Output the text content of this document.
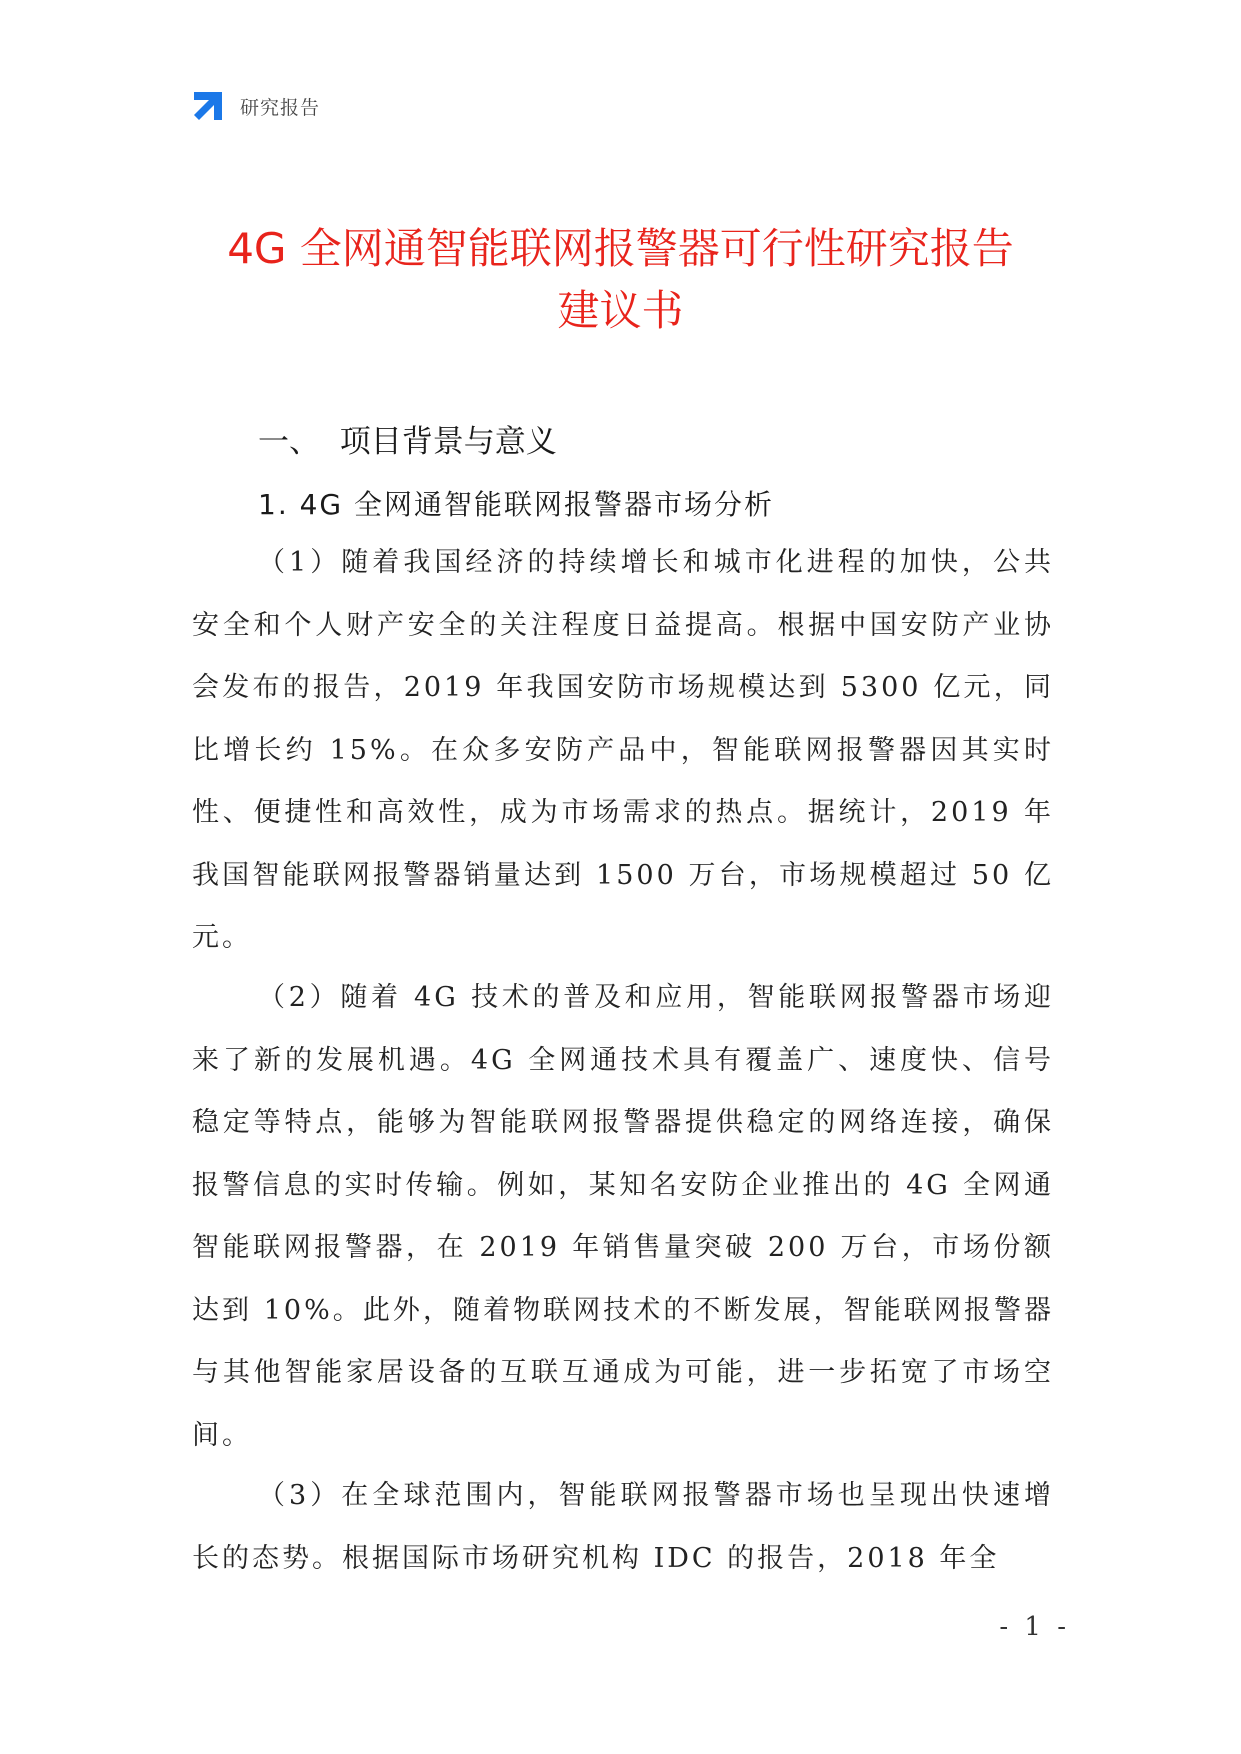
研究报告
4G 全网通智能联网报警器可行性研究报告
建议书
一、  项目背景与意义
1. 4G 全网通智能联网报警器市场分析

（1）随着我国经济的持续增长和城市化进程的加快，公共安全和个人财产安全的关注程度日益提高。根据中国安防产业协会发布的报告，2019 年我国安防市场规模达到 5300 亿元，同比增长约 15%。在众多安防产品中，智能联网报警器因其实时性、便捷性和高效性，成为市场需求的热点。据统计，2019 年我国智能联网报警器销量达到 1500 万台，市场规模超过 50 亿元。

（2）随着 4G 技术的普及和应用，智能联网报警器市场迎来了新的发展机遇。4G 全网通技术具有覆盖广、速度快、信号稳定等特点，能够为智能联网报警器提供稳定的网络连接，确保报警信息的实时传输。例如，某知名安防企业推出的 4G 全网通智能联网报警器，在 2019 年销售量突破 200 万台，市场份额达到 10%。此外，随着物联网技术的不断发展，智能联网报警器与其他智能家居设备的互联互通成为可能，进一步拓宽了市场空间。

（3）在全球范围内，智能联网报警器市场也呈现出快速增长的态势。根据国际市场研究机构 IDC 的报告，2018 年全

- 1 -
